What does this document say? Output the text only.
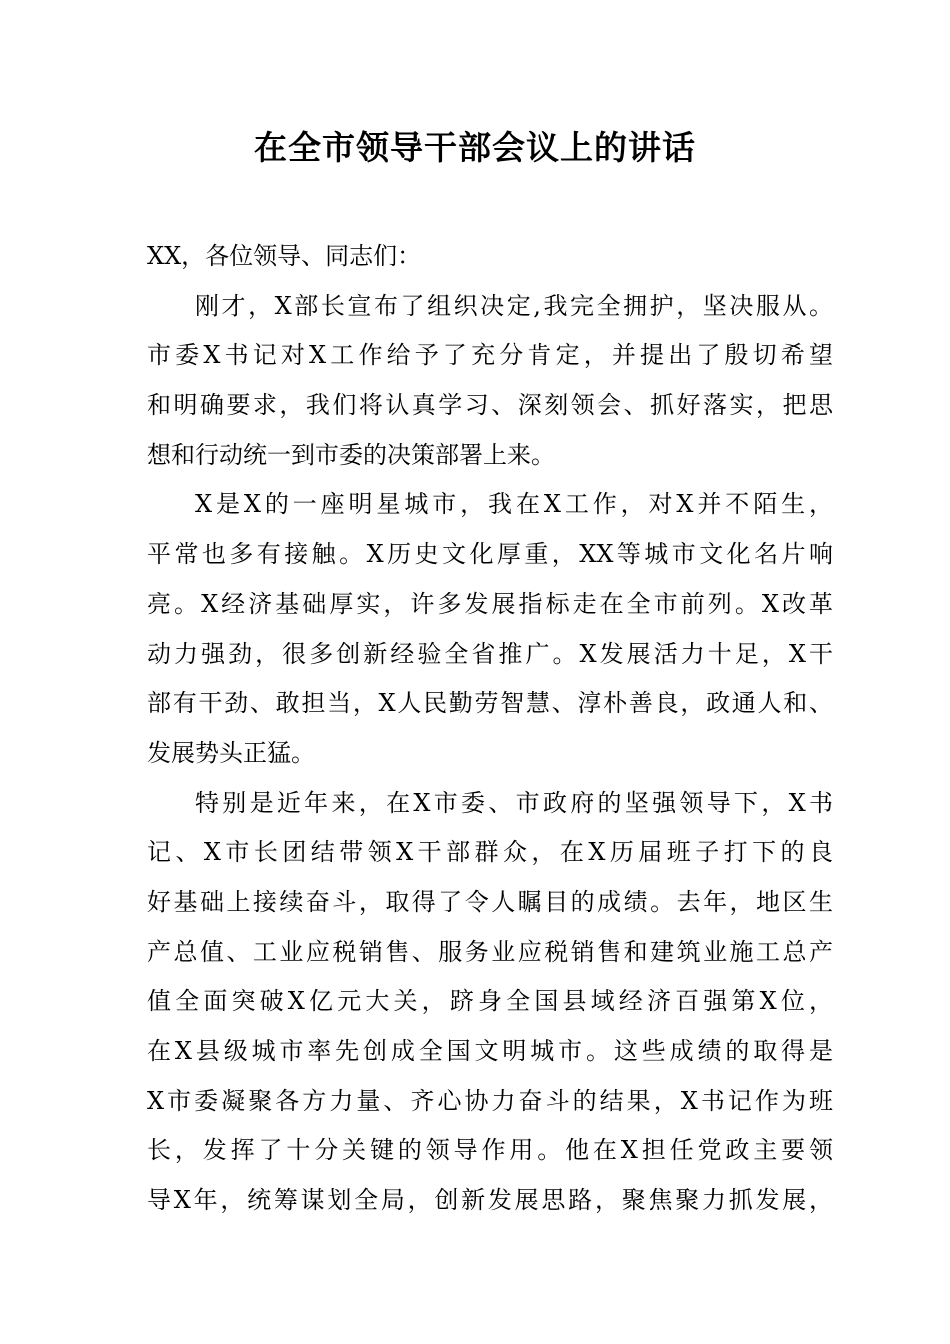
在全市领导干部会议上的讲话
XX，各位领导、同志们：
刚才，X部长宣布了组织决定,我完全拥护，坚决服从。
市委X书记对X工作给予了充分肯定，并提出了殷切希望
和明确要求，我们将认真学习、深刻领会、抓好落实，把思
想和行动统一到市委的决策部署上来。
X是X的一座明星城市，我在X工作，对X并不陌生，
平常也多有接触。X历史文化厚重，XX等城市文化名片响
亮。X经济基础厚实，许多发展指标走在全市前列。X改革
动力强劲，很多创新经验全省推广。X发展活力十足，X干
部有干劲、敢担当，X人民勤劳智慧、淳朴善良，政通人和、
发展势头正猛。
特别是近年来，在X市委、市政府的坚强领导下，X书
记、X市长团结带领X干部群众，在X历届班子打下的良
好基础上接续奋斗，取得了令人瞩目的成绩。去年，地区生
产总值、工业应税销售、服务业应税销售和建筑业施工总产
值全面突破X亿元大关，跻身全国县域经济百强第X位，
在X县级城市率先创成全国文明城市。这些成绩的取得是
X市委凝聚各方力量、齐心协力奋斗的结果，X书记作为班
长，发挥了十分关键的领导作用。他在X担任党政主要领
导X年，统筹谋划全局，创新发展思路，聚焦聚力抓发展，
